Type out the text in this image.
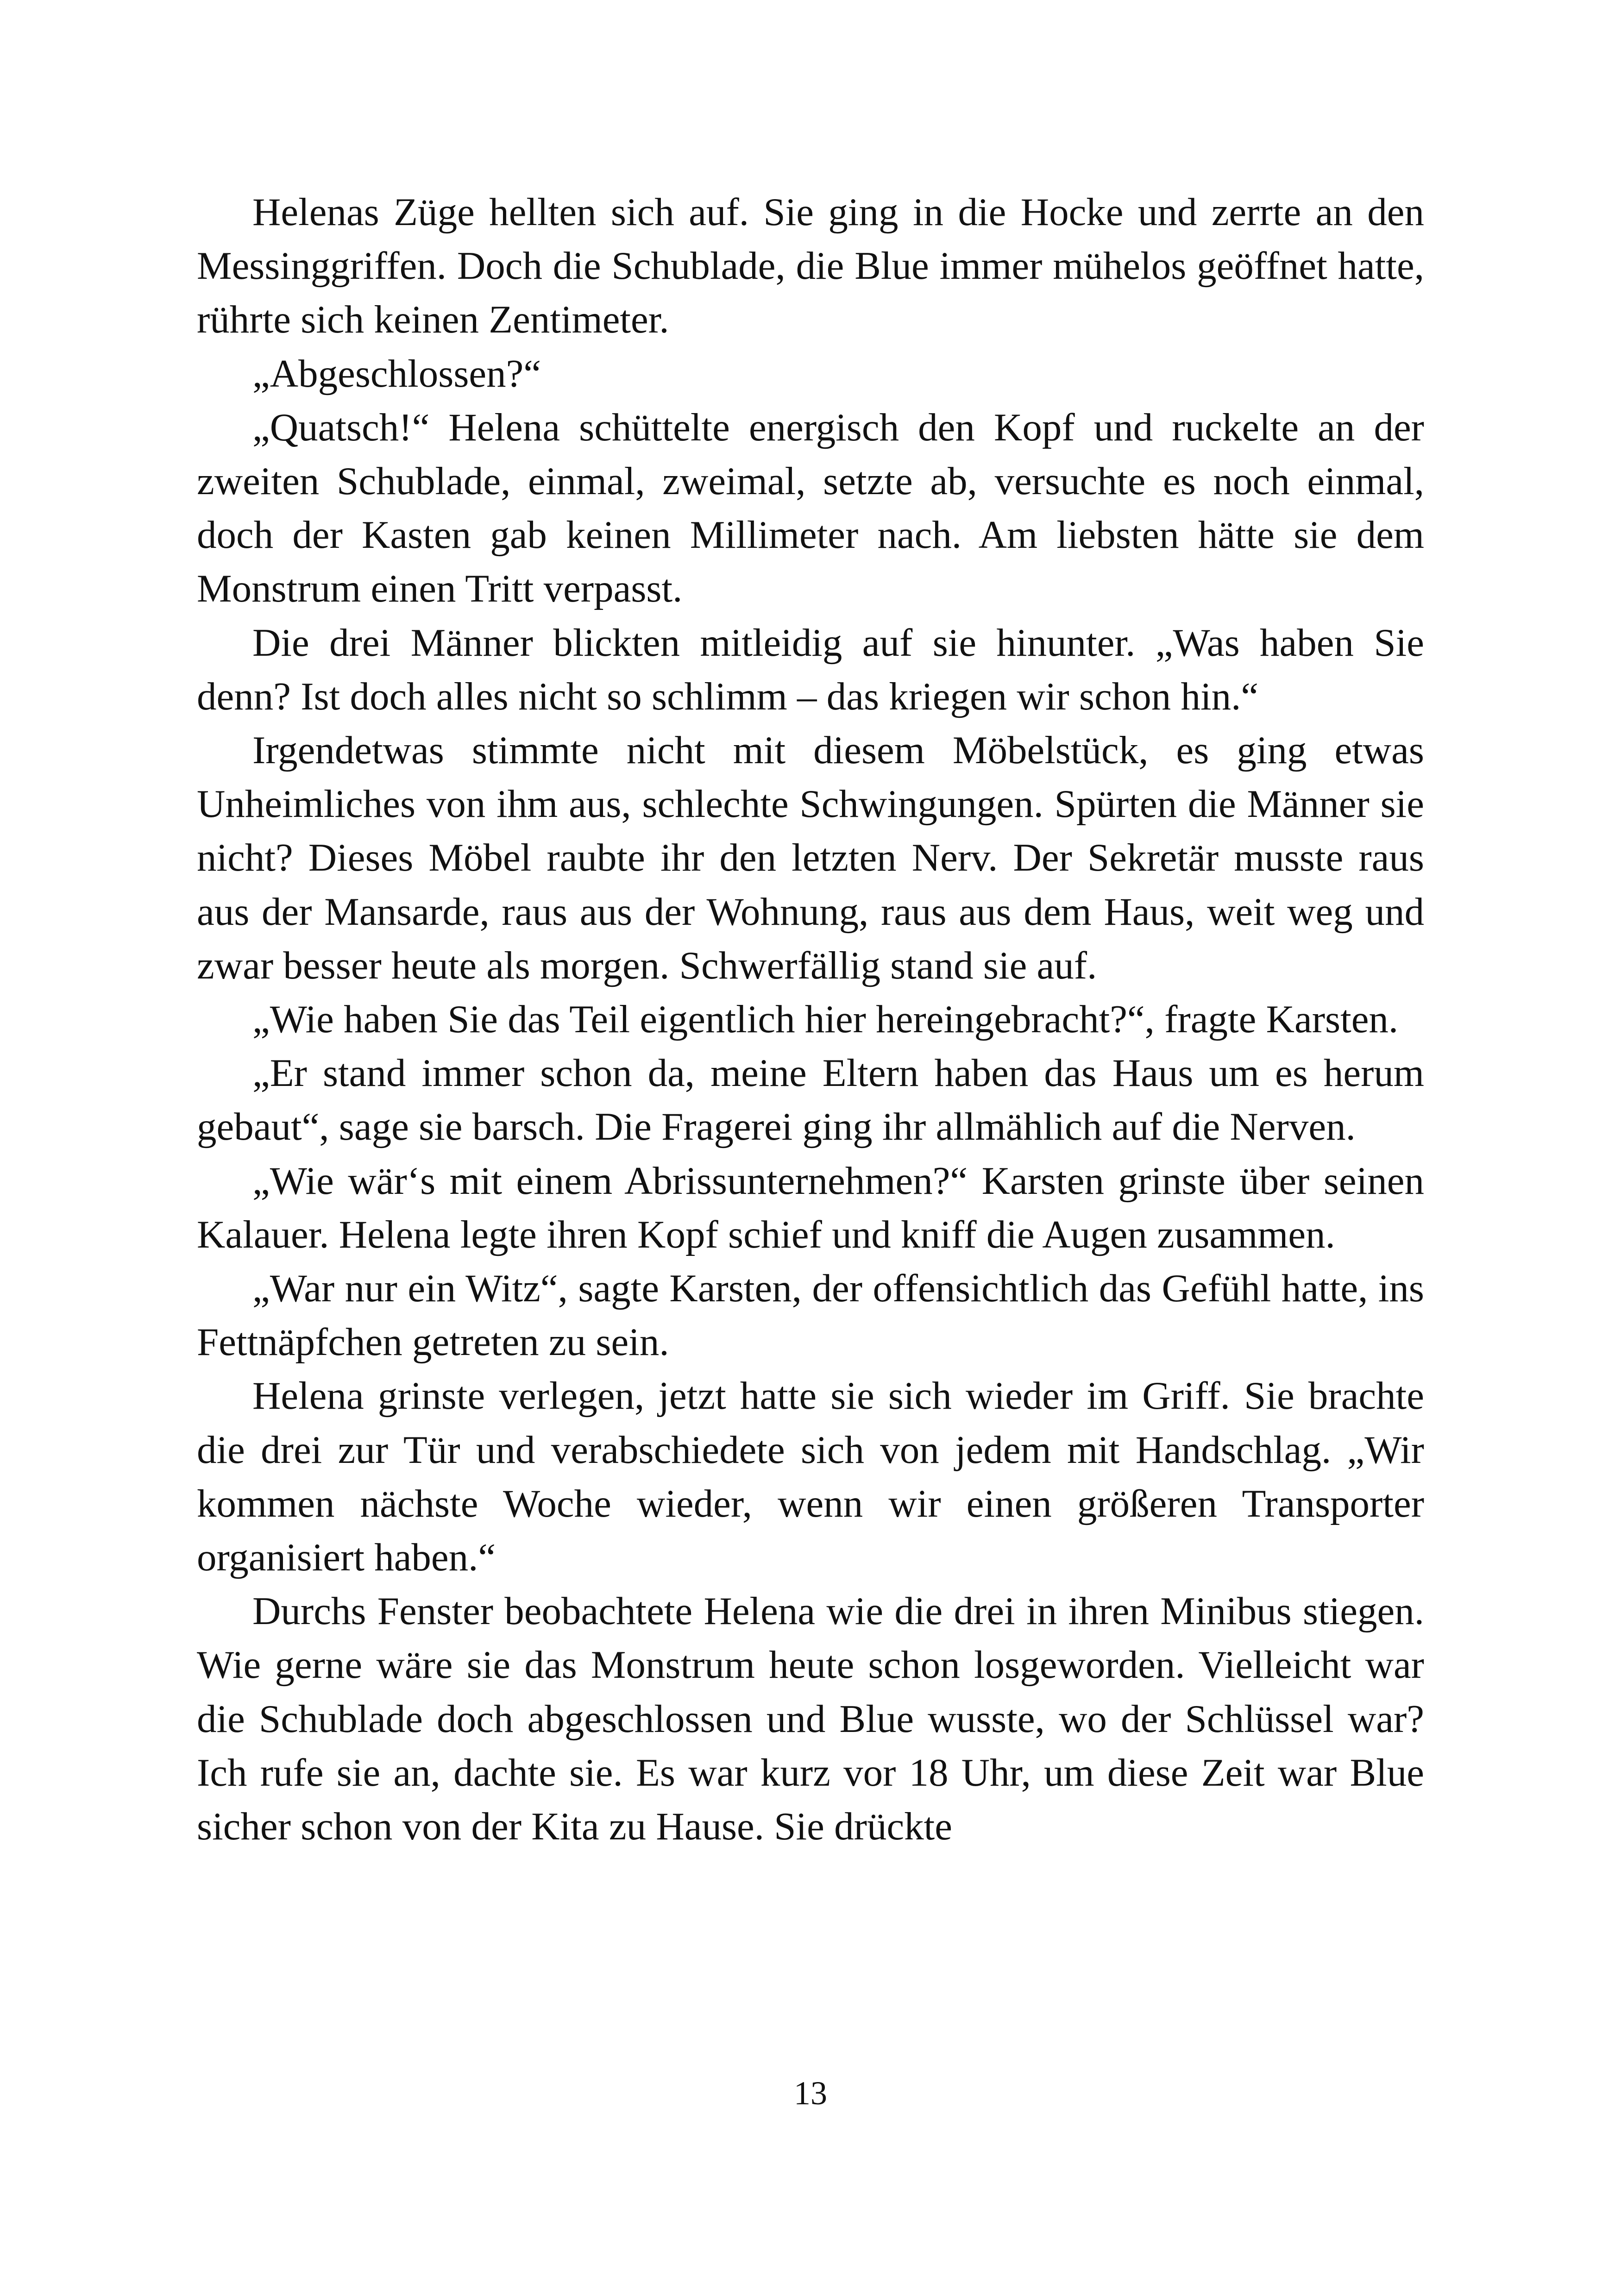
Helenas Züge hellten sich auf. Sie ging in die Hocke und zerrte an den Messinggriffen. Doch die Schublade, die Blue immer mühelos geöffnet hatte, rührte sich keinen Zentimeter.

„Abgeschlossen?“

„Quatsch!“ Helena schüttelte energisch den Kopf und ruckelte an der zweiten Schublade, einmal, zweimal, setzte ab, versuchte es noch einmal, doch der Kasten gab keinen Millimeter nach. Am liebsten hätte sie dem Monstrum einen Tritt verpasst.

Die drei Männer blickten mitleidig auf sie hinunter. „Was haben Sie denn? Ist doch alles nicht so schlimm – das kriegen wir schon hin.“

Irgendetwas stimmte nicht mit diesem Möbelstück, es ging etwas Unheimliches von ihm aus, schlechte Schwingungen. Spürten die Männer sie nicht? Dieses Möbel raubte ihr den letzten Nerv. Der Sekretär musste raus aus der Mansarde, raus aus der Wohnung, raus aus dem Haus, weit weg und zwar besser heute als morgen. Schwerfällig stand sie auf.

„Wie haben Sie das Teil eigentlich hier hereingebracht?“, fragte Karsten.

„Er stand immer schon da, meine Eltern haben das Haus um es herum gebaut“, sage sie barsch. Die Fragerei ging ihr allmählich auf die Nerven.

„Wie wär‘s mit einem Abrissunternehmen?“ Karsten grinste über seinen Kalauer. Helena legte ihren Kopf schief und kniff die Augen zusammen.

„War nur ein Witz“, sagte Karsten, der offensichtlich das Gefühl hatte, ins Fettnäpfchen getreten zu sein.

Helena grinste verlegen, jetzt hatte sie sich wieder im Griff. Sie brachte die drei zur Tür und verabschiedete sich von jedem mit Handschlag. „Wir kommen nächste Woche wieder, wenn wir einen größeren Transporter organisiert haben.“

Durchs Fenster beobachtete Helena wie die drei in ihren Minibus stiegen. Wie gerne wäre sie das Monstrum heute schon losgeworden. Vielleicht war die Schublade doch abgeschlossen und Blue wusste, wo der Schlüssel war? Ich rufe sie an, dachte sie. Es war kurz vor 18 Uhr, um diese Zeit war Blue sicher schon von der Kita zu Hause. Sie drückte

13
